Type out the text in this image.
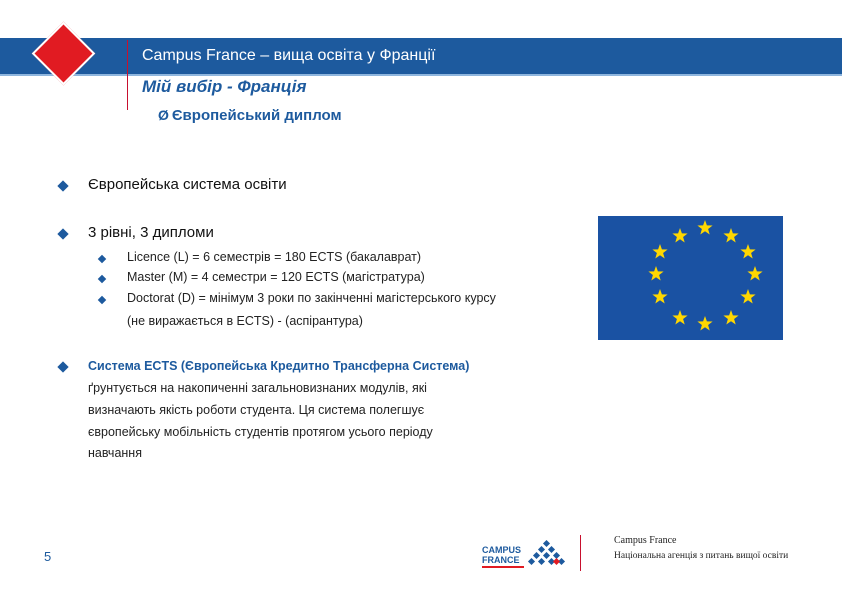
Campus France – вища освіта у Франції
Мій вибір - Франція
Ø Європейський диплом
Європейська система освіти
3 рівні, 3 дипломи
Licence (L) = 6 семестрів = 180 ECTS (бакалаврат)
Master (M) = 4 семестри = 120 ECTS (магістратура)
Doctorat (D) = мінімум 3 роки по закінченні магістерського курсу
(не виражається в ECTS) - (аспірантура)
Система ECTS (Європейська Кредитно Трансферна Система)
ґрунтується на накопиченні загальновизнаних модулів, які
визначають якість роботи студента. Ця система полегшує
європейську мобільність студентів протягом усього періоду
навчання
5	CAMPUS
FRANCE
Campus France
Національна агенція з питань вищої освіти
